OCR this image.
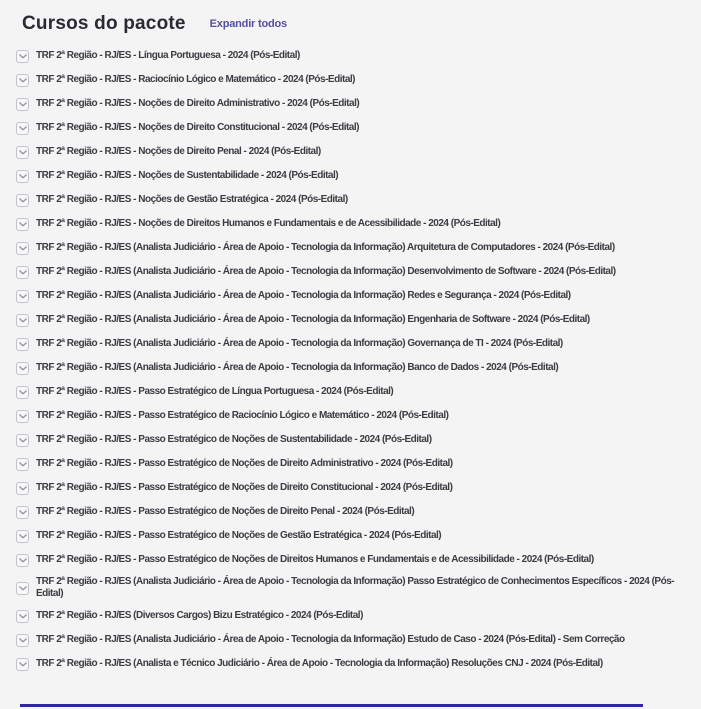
Cursos do pacote Expandir todos
TRF 2ª Região - RJ/ES - Língua Portuguesa - 2024 (Pós-Edital)
TRF 2ª Região - RJ/ES - Raciocínio Lógico e Matemático - 2024 (Pós-Edital)
TRF 2ª Região - RJ/ES - Noções de Direito Administrativo - 2024 (Pós-Edital)
TRF 2ª Região - RJ/ES - Noções de Direito Constitucional - 2024 (Pós-Edital)
TRF 2ª Região - RJ/ES - Noções de Direito Penal - 2024 (Pós-Edital)
TRF 2ª Região - RJ/ES - Noções de Sustentabilidade - 2024 (Pós-Edital)
TRF 2ª Região - RJ/ES - Noções de Gestão Estratégica - 2024 (Pós-Edital)
TRF 2ª Região - RJ/ES - Noções de Direitos Humanos e Fundamentais e de Acessibilidade - 2024 (Pós-Edital)
TRF 2ª Região - RJ/ES (Analista Judiciário - Área de Apoio - Tecnologia da Informação) Arquitetura de Computadores - 2024 (Pós-Edital)
TRF 2ª Região - RJ/ES (Analista Judiciário - Área de Apoio - Tecnologia da Informação) Desenvolvimento de Software - 2024 (Pós-Edital)
TRF 2ª Região - RJ/ES (Analista Judiciário - Área de Apoio - Tecnologia da Informação) Redes e Segurança - 2024 (Pós-Edital)
TRF 2ª Região - RJ/ES (Analista Judiciário - Área de Apoio - Tecnologia da Informação) Engenharia de Software - 2024 (Pós-Edital)
TRF 2ª Região - RJ/ES (Analista Judiciário - Área de Apoio - Tecnologia da Informação) Governança de TI - 2024 (Pós-Edital)
TRF 2ª Região - RJ/ES (Analista Judiciário - Área de Apoio - Tecnologia da Informação) Banco de Dados - 2024 (Pós-Edital)
TRF 2ª Região - RJ/ES - Passo Estratégico de Língua Portuguesa - 2024 (Pós-Edital)
TRF 2ª Região - RJ/ES - Passo Estratégico de Raciocínio Lógico e Matemático - 2024 (Pós-Edital)
TRF 2ª Região - RJ/ES - Passo Estratégico de Noções de Sustentabilidade - 2024 (Pós-Edital)
TRF 2ª Região - RJ/ES - Passo Estratégico de Noções de Direito Administrativo - 2024 (Pós-Edital)
TRF 2ª Região - RJ/ES - Passo Estratégico de Noções de Direito Constitucional - 2024 (Pós-Edital)
TRF 2ª Região - RJ/ES - Passo Estratégico de Noções de Direito Penal - 2024 (Pós-Edital)
TRF 2ª Região - RJ/ES - Passo Estratégico de Noções de Gestão Estratégica - 2024 (Pós-Edital)
TRF 2ª Região - RJ/ES - Passo Estratégico de Noções de Direitos Humanos e Fundamentais e de Acessibilidade - 2024 (Pós-Edital)
TRF 2ª Região - RJ/ES (Analista Judiciário - Área de Apoio - Tecnologia da Informação) Passo Estratégico de Conhecimentos Específicos - 2024 (Pós-Edital)
TRF 2ª Região - RJ/ES (Diversos Cargos) Bizu Estratégico - 2024 (Pós-Edital)
TRF 2ª Região - RJ/ES (Analista Judiciário - Área de Apoio - Tecnologia da Informação) Estudo de Caso - 2024 (Pós-Edital) - Sem Correção
TRF 2ª Região - RJ/ES (Analista e Técnico Judiciário - Área de Apoio - Tecnologia da Informação) Resoluções CNJ - 2024 (Pós-Edital)
